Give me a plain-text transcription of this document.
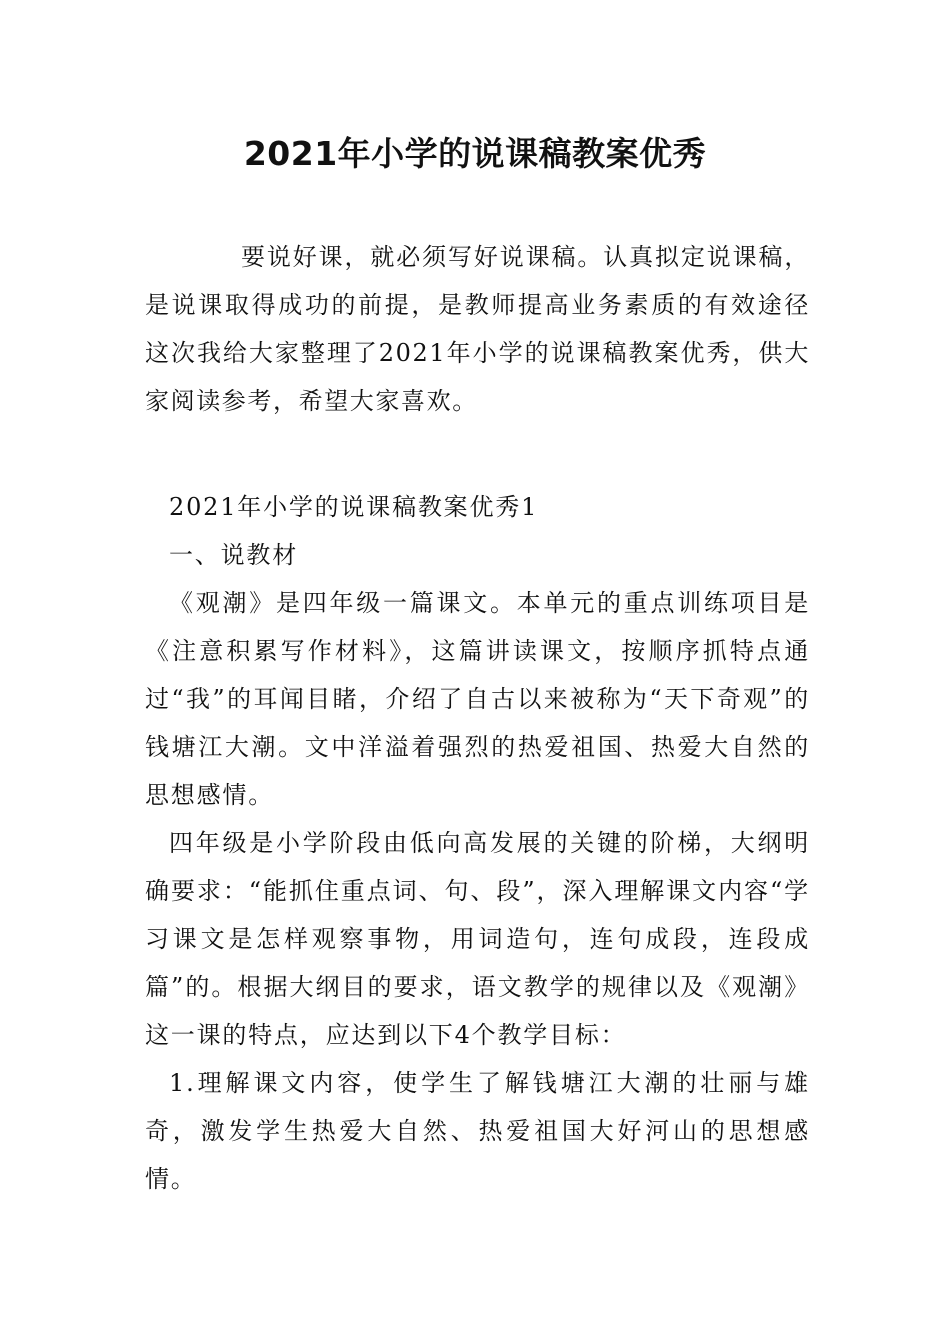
2021年小学的说课稿教案优秀

要说好课，就必须写好说课稿。认真拟定说课稿，是说课取得成功的前提，是教师提高业务素质的有效途径这次我给大家整理了2021年小学的说课稿教案优秀，供大家阅读参考，希望大家喜欢。

2021年小学的说课稿教案优秀1

一、说教材

《观潮》是四年级一篇课文。本单元的重点训练项目是《注意积累写作材料》，这篇讲读课文，按顺序抓特点通过“我”的耳闻目睹，介绍了自古以来被称为“天下奇观”的钱塘江大潮。文中洋溢着强烈的热爱祖国、热爱大自然的思想感情。

四年级是小学阶段由低向高发展的关键的阶梯，大纲明确要求：“能抓住重点词、句、段”，深入理解课文内容“学习课文是怎样观察事物，用词造句，连句成段，连段成篇”的。根据大纲目的要求，语文教学的规律以及《观潮》这一课的特点，应达到以下4个教学目标：

1.理解课文内容，使学生了解钱塘江大潮的壮丽与雄奇，激发学生热爱大自然、热爱祖国大好河山的思想感情。
